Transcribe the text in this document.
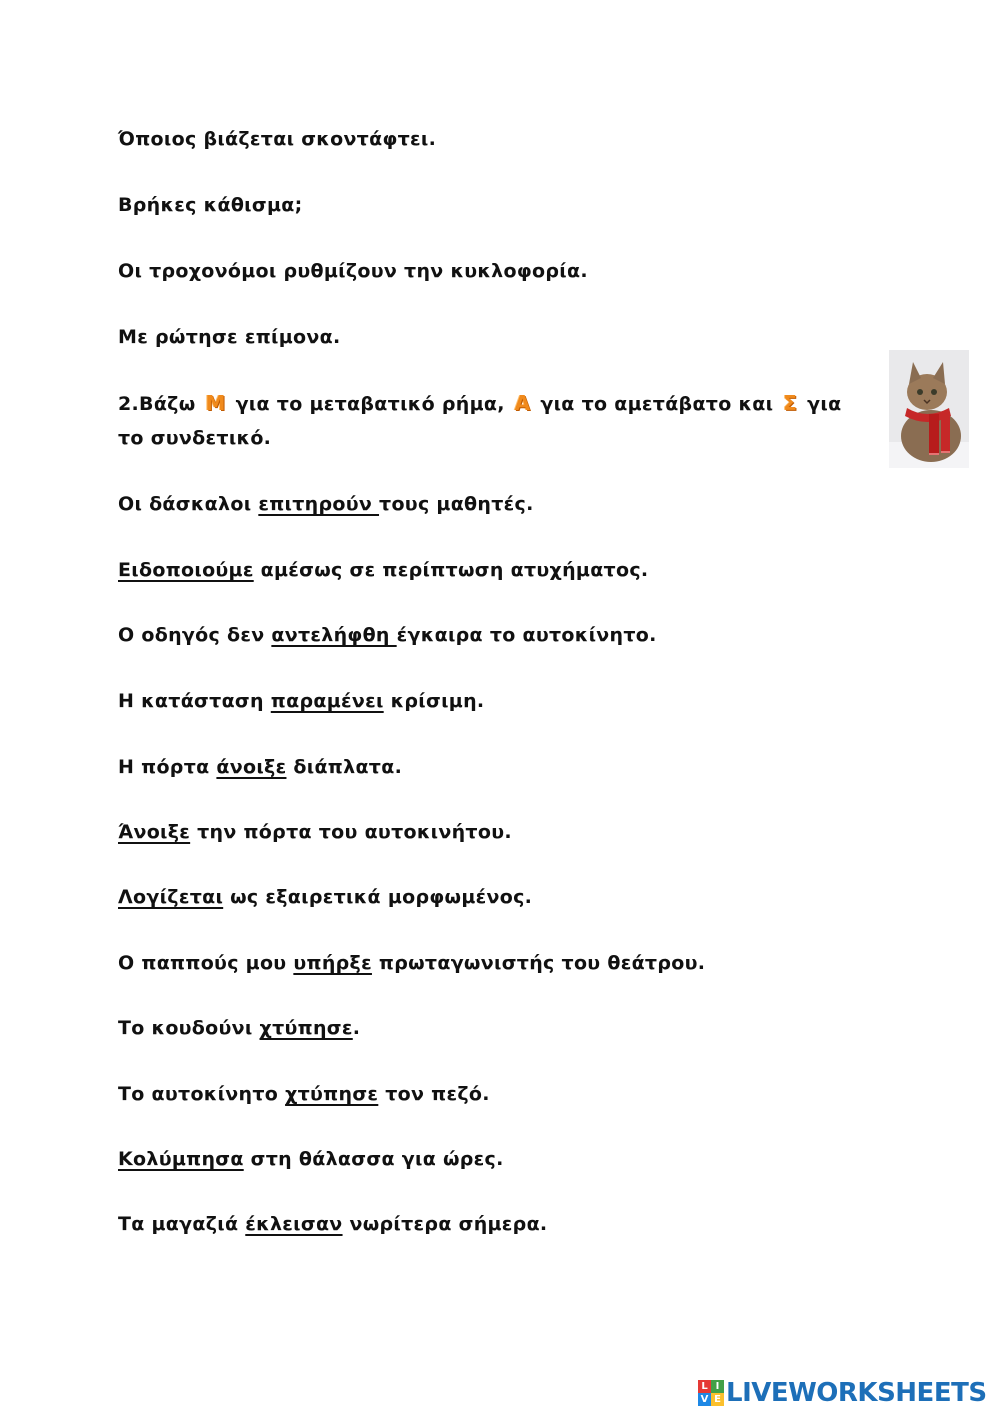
Όποιος βιάζεται σκοντάφτει.
Βρήκες κάθισμα;
Οι τροχονόμοι ρυθμίζουν την κυκλοφορία.
Με ρώτησε επίμονα.
2.Βάζω Μ για το μεταβατικό ρήμα, Α για το αμετάβατο και Σ για
το συνδετικό.
Οι δάσκαλοι επιτηρούν τους μαθητές.
Ειδοποιούμε αμέσως σε περίπτωση ατυχήματος.
Ο οδηγός δεν αντελήφθη έγκαιρα το αυτοκίνητο.
Η κατάσταση παραμένει κρίσιμη.
Η πόρτα άνοιξε διάπλατα.
Άνοιξε την πόρτα του αυτοκινήτου.
Λογίζεται ως εξαιρετικά μορφωμένος.
Ο παππούς μου υπήρξε πρωταγωνιστής του θεάτρου.
Το κουδούνι χτύπησε.
Το αυτοκίνητο χτύπησε τον πεζό.
Κολύμπησα στη θάλασσα για ώρες.
Τα μαγαζιά έκλεισαν νωρίτερα σήμερα.
L I
V E LIVEWORKSHEETS
